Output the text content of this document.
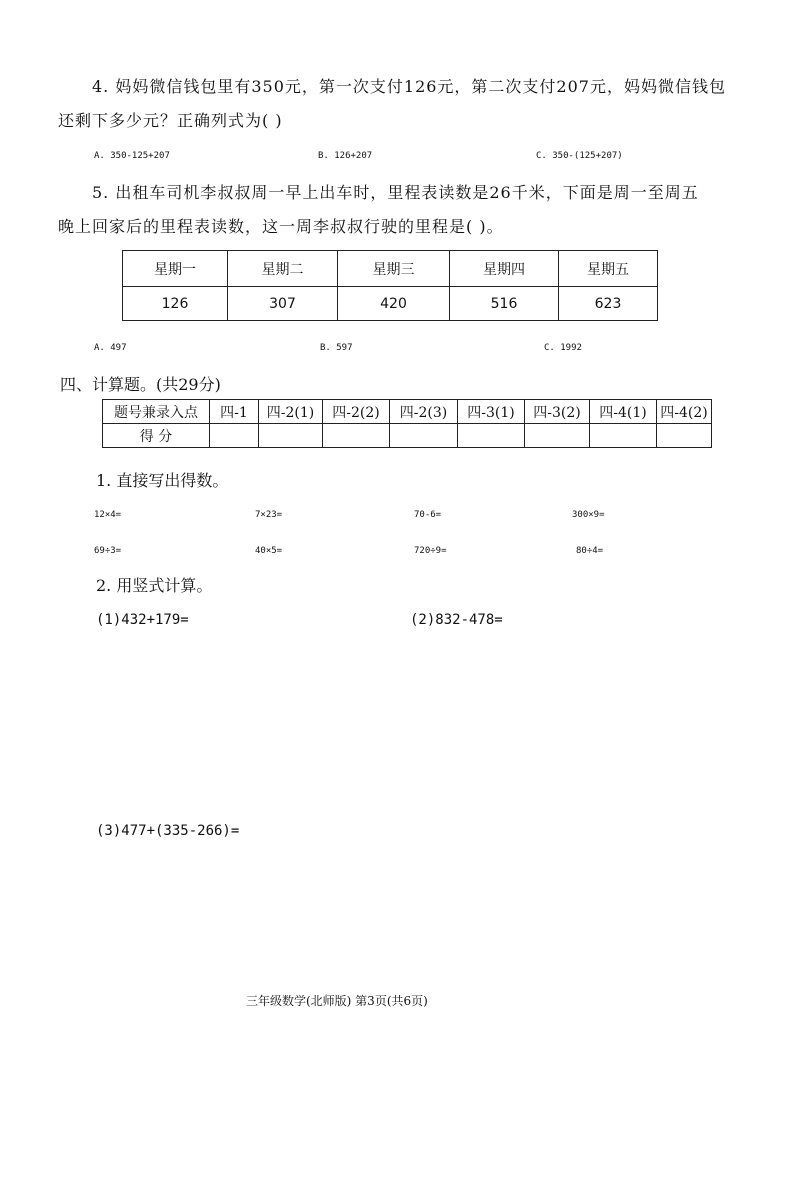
4. 妈妈微信钱包里有350元，第一次支付126元，第二次支付207元，妈妈微信钱包
还剩下多少元？正确列式为( )
A. 350-125+207	B. 126+207	C. 350-(125+207)
5. 出租车司机李叔叔周一早上出车时，里程表读数是26千米，下面是周一至周五
晚上回家后的里程表读数，这一周李叔叔行驶的里程是( )。
星期一	星期二	星期三	星期四	星期五
126	307	420	516	623
A. 497	B. 597	C. 1992
四、计算题。(共29分)
题号兼录入点	四-1	四-2(1)	四-2(2)	四-2(3)	四-3(1)	四-3(2)	四-4(1)	四-4(2)
得 分								
1. 直接写出得数。
12×4=	7×23=	70-6=	300×9=
69÷3=	40×5=	720÷9=	80÷4=
2. 用竖式计算。
(1)432+179=	(2)832-478=
(3)477+(335-266)=
三年级数学(北师版) 第3页(共6页)
